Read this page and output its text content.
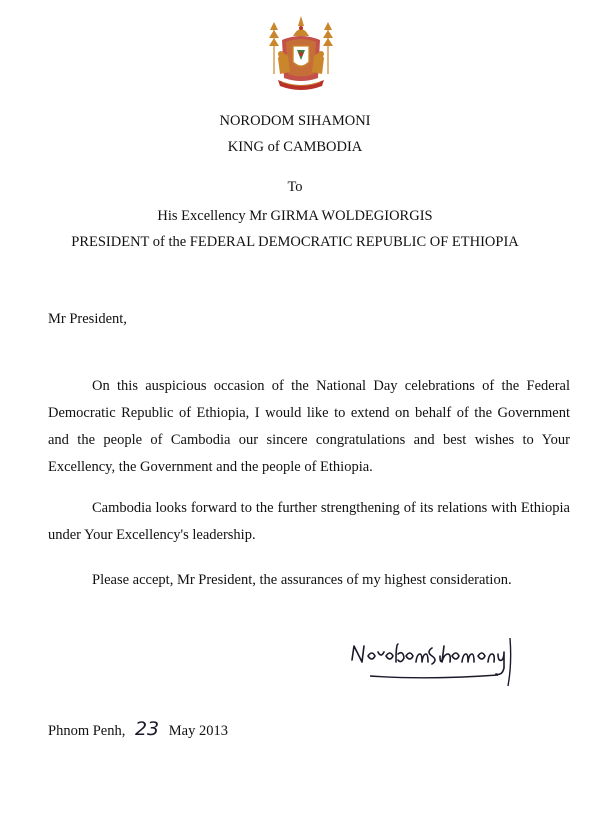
NORODOM SIHAMONI
KING of CAMBODIA
To
His Excellency Mr GIRMA WOLDEGIORGIS
PRESIDENT of the FEDERAL DEMOCRATIC REPUBLIC OF ETHIOPIA
Mr President,
On this auspicious occasion of the National Day celebrations of the Federal Democratic Republic of Ethiopia, I would like to extend on behalf of the Government and the people of Cambodia our sincere congratulations and best wishes to Your Excellency, the Government and the people of Ethiopia.
Cambodia looks forward to the further strengthening of its relations with Ethiopia under Your Excellency's leadership.
Please accept, Mr President, the assurances of my highest consideration.
Phnom Penh, 23 May 2013
